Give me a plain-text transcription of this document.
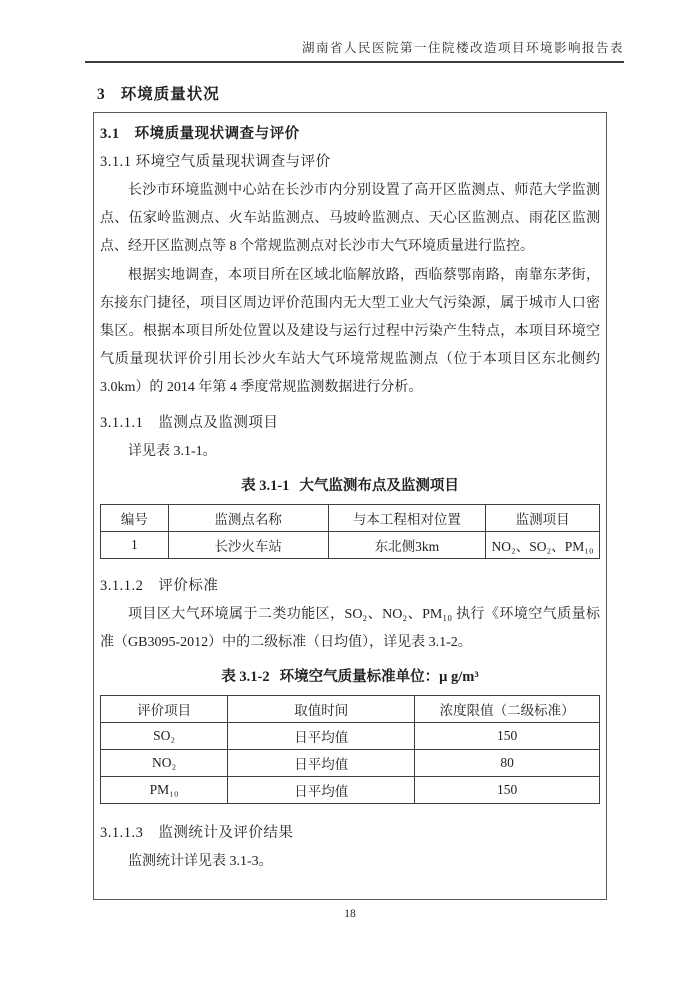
湖南省人民医院第一住院楼改造项目环境影响报告表
3 环境质量状况
3.1　环境质量现状调查与评价
3.1.1 环境空气质量现状调查与评价

长沙市环境监测中心站在长沙市内分别设置了高开区监测点、师范大学监测点、伍家岭监测点、火车站监测点、马坡岭监测点、天心区监测点、雨花区监测点、经开区监测点等 8 个常规监测点对长沙市大气环境质量进行监控。

根据实地调查，本项目所在区域北临解放路，西临蔡鄂南路，南靠东茅街，东接东门捷径，项目区周边评价范围内无大型工业大气污染源，属于城市人口密集区。根据本项目所处位置以及建设与运行过程中污染产生特点，本项目环境空气质量现状评价引用长沙火车站大气环境常规监测点（位于本项目区东北侧约 3.0km）的 2014 年第 4 季度常规监测数据进行分析。

3.1.1.1　监测点及监测项目

详见表 3.1-1。

表 3.1-1 大气监测布点及监测项目
编号	监测点名称	与本工程相对位置	监测项目
1	长沙火车站	东北侧3km	NO₂、SO₂、PM₁₀
3.1.1.2　评价标准

项目区大气环境属于二类功能区，SO₂、NO₂、PM₁₀ 执行《环境空气质量标准（GB3095-2012）中的二级标准（日均值），详见表 3.1-2。

表 3.1-2 环境空气质量标准单位：μ g/m³
评价项目	取值时间	浓度限值（二级标准）
SO₂	日平均值	150
NO₂	日平均值	80
PM₁₀	日平均值	150
3.1.1.3　监测统计及评价结果

监测统计详见表 3.1-3。

18
